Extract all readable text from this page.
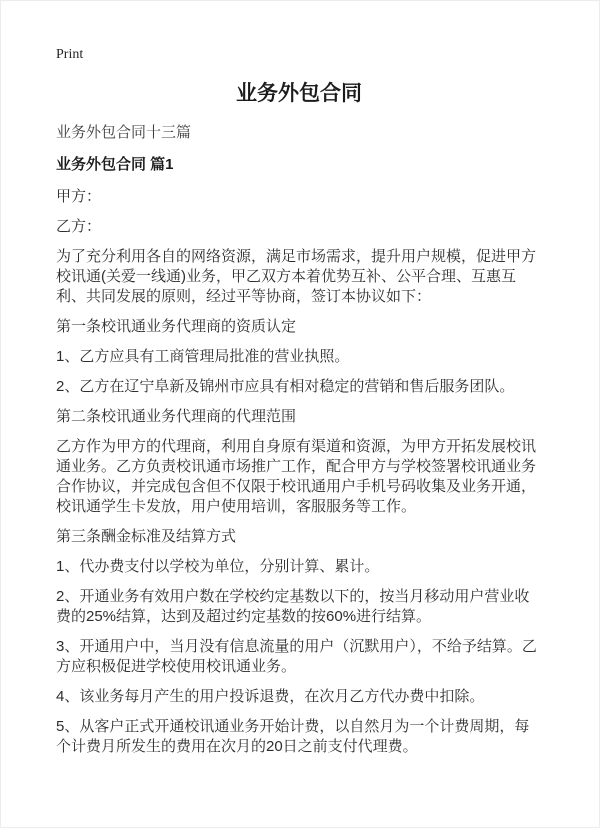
Print
业务外包合同

业务外包合同十三篇

业务外包合同 篇1

甲方：

乙方：

为了充分利用各自的网络资源，满足市场需求，提升用户规模，促进甲方校讯通(关爱一线通)业务，甲乙双方本着优势互补、公平合理、互惠互利、共同发展的原则，经过平等协商，签订本协议如下：

第一条校讯通业务代理商的资质认定

1、乙方应具有工商管理局批准的营业执照。

2、乙方在辽宁阜新及锦州市应具有相对稳定的营销和售后服务团队。

第二条校讯通业务代理商的代理范围

乙方作为甲方的代理商，利用自身原有渠道和资源，为甲方开拓发展校讯通业务。乙方负责校讯通市场推广工作，配合甲方与学校签署校讯通业务合作协议，并完成包含但不仅限于校讯通用户手机号码收集及业务开通，校讯通学生卡发放，用户使用培训，客服服务等工作。

第三条酬金标准及结算方式

1、代办费支付以学校为单位，分别计算、累计。

2、开通业务有效用户数在学校约定基数以下的，按当月移动用户营业收费的25%结算，达到及超过约定基数的按60%进行结算。

3、开通用户中，当月没有信息流量的用户（沉默用户），不给予结算。乙方应积极促进学校使用校讯通业务。

4、该业务每月产生的用户投诉退费，在次月乙方代办费中扣除。

5、从客户正式开通校讯通业务开始计费，以自然月为一个计费周期，每个计费月所发生的费用在次月的20日之前支付代理费。
